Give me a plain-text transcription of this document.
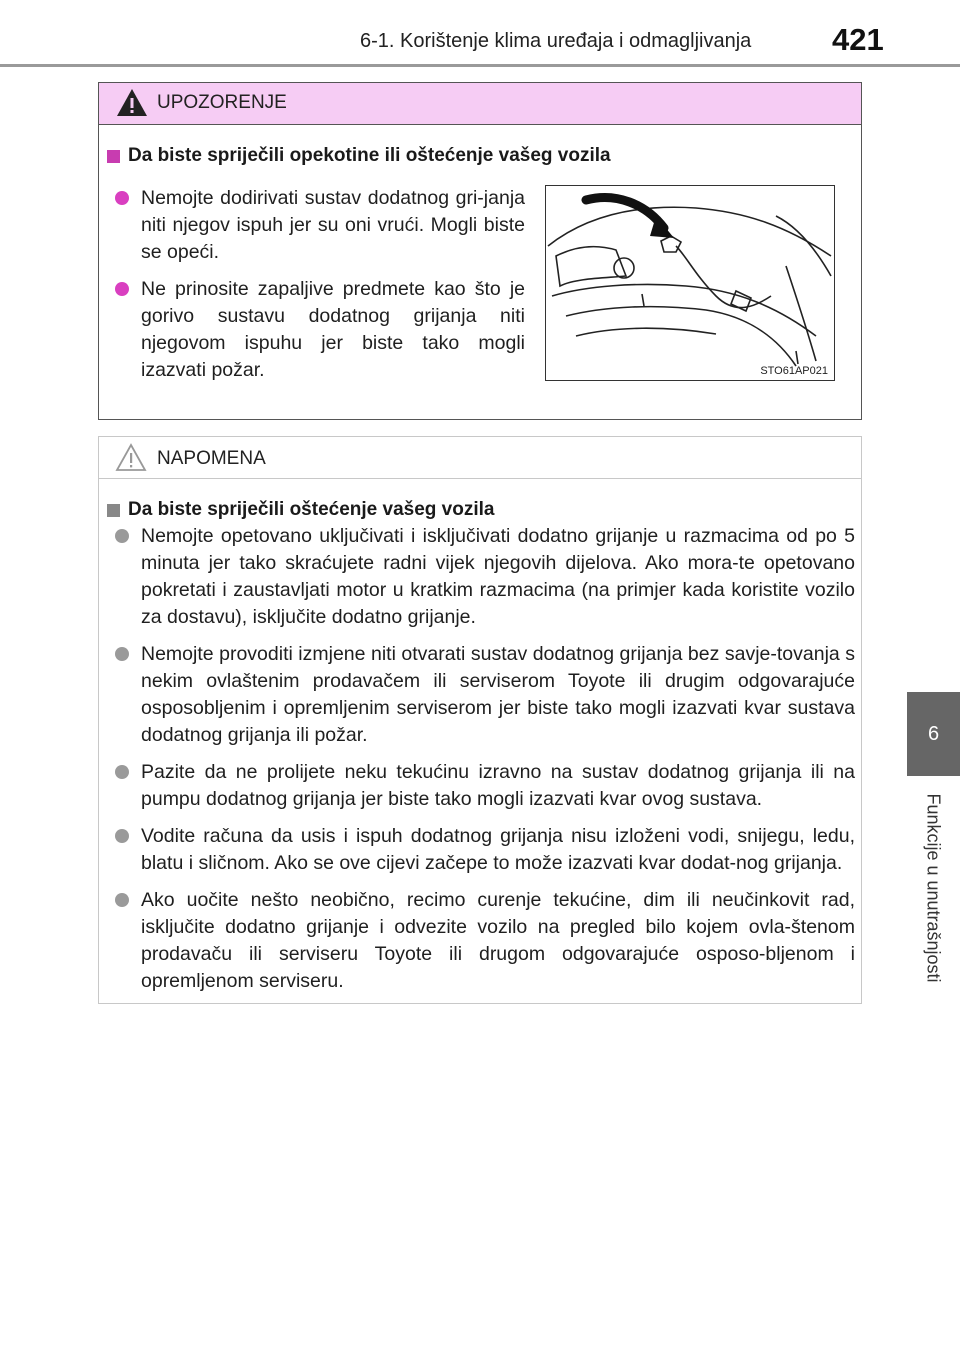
6-1. Korištenje klima uređaja i odmagljivanja	421
6
Funkcije u unutrašnjosti
UPOZORENJE
Da biste spriječili opekotine ili oštećenje vašeg vozila
Nemojte dodirivati sustav dodatnog gri-janja niti njegov ispuh jer su oni vrući. Mogli biste se opeći.
Ne prinosite zapaljive predmete kao što je gorivo sustavu dodatnog grijanja niti njegovom ispuhu jer biste tako mogli izazvati požar.	STO61AP021
NAPOMENA
Da biste spriječili oštećenje vašeg vozila
Nemojte opetovano uključivati i isključivati dodatno grijanje u razmacima od po 5 minuta jer tako skraćujete radni vijek njegovih dijelova. Ako mora-te opetovano pokretati i zaustavljati motor u kratkim razmacima (na primjer kada koristite vozilo za dostavu), isključite dodatno grijanje.
Nemojte provoditi izmjene niti otvarati sustav dodatnog grijanja bez savje-tovanja s nekim ovlaštenim prodavačem ili serviserom Toyote ili drugim odgovarajuće osposobljenim i opremljenim serviserom jer biste tako mogli izazvati kvar sustava dodatnog grijanja ili požar.
Pazite da ne prolijete neku tekućinu izravno na sustav dodatnog grijanja ili na pumpu dodatnog grijanja jer biste tako mogli izazvati kvar ovog sustava.
Vodite računa da usis i ispuh dodatnog grijanja nisu izloženi vodi, snijegu, ledu, blatu i sličnom. Ako se ove cijevi začepe to može izazvati kvar dodat-nog grijanja.
Ako uočite nešto neobično, recimo curenje tekućine, dim ili neučinkovit rad, isključite dodatno grijanje i odvezite vozilo na pregled bilo kojem ovla-štenom prodavaču ili serviseru Toyote ili drugom odgovarajuće osposo-bljenom i opremljenom serviseru.
